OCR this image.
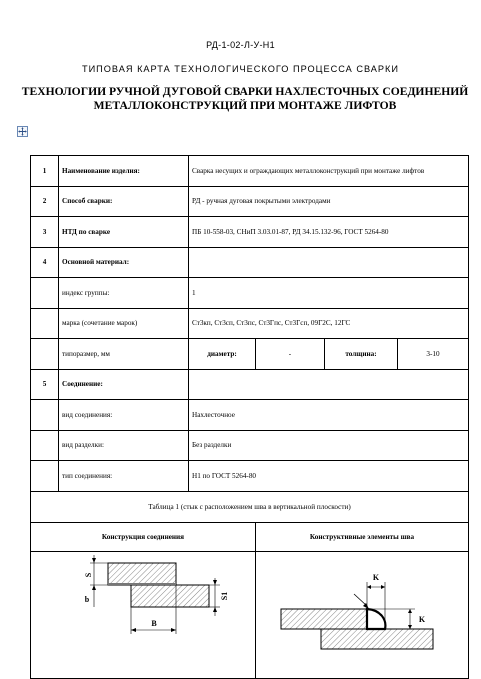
РД-1-02-Л-У-Н1
ТИПОВАЯ КАРТА ТЕХНОЛОГИЧЕСКОГО ПРОЦЕССА СВАРКИ
ТЕХНОЛОГИИ РУЧНОЙ ДУГОВОЙ СВАРКИ НАХЛЕСТОЧНЫХ СОЕДИНЕНИЙ
МЕТАЛЛОКОНСТРУКЦИЙ ПРИ МОНТАЖЕ ЛИФТОВ
1	Наименование изделия:	Сварка несущих и ограждающих металлоконструкций при монтаже лифтов			
2	Способ сварки:	РД - ручная дуговая покрытыми электродами			
3	НТД по сварке	ПБ 10-558-03, СНиП 3.03.01-87, РД 34.15.132-96, ГОСТ 5264-80			
4	Основной материал:				
	индекс группы:	1			
	марка (сочетание марок)	Ст3кп, Ст3сп, Ст3пс, Ст3Гпс, Ст3Гсп, 09Г2С, 12ГС			
	типоразмер, мм	диаметр:	-	толщина:	3-10
5	Соединение:				
	вид соединения:	Нахлесточное			
	вид разделки:	Без разделки			
	тип соединения:	Н1 по ГОСТ 5264-80			
Таблица 1 (стык с расположением шва в вертикальной плоскости)					
Конструкция соединения			Конструктивные элементы шва		

S
b S1
B			K
K		
